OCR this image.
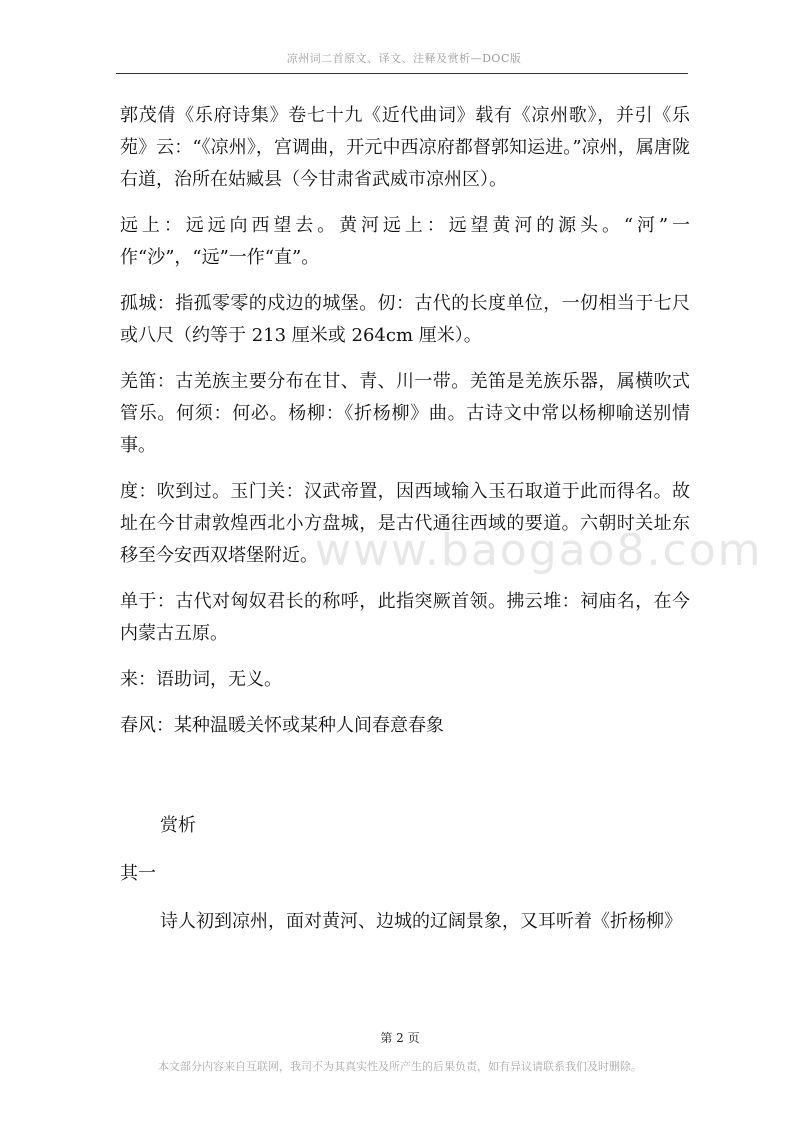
凉州词二首原文、译文、注释及赏析—DOC版

郭茂倩《乐府诗集》卷七十九《近代曲词》载有《凉州歌》，并引《乐苑》云：“《凉州》，宫调曲，开元中西凉府都督郭知运进。”凉州，属唐陇右道，治所在姑臧县（今甘肃省武威市凉州区）。

远上：远远向西望去。黄河远上：远望黄河的源头。“河”一作“沙”，“远”一作“直”。

孤城：指孤零零的戍边的城堡。仞：古代的长度单位，一仞相当于七尺或八尺（约等于 213 厘米或 264cm 厘米）。

羌笛：古羌族主要分布在甘、青、川一带。羌笛是羌族乐器，属横吹式管乐。何须：何必。杨柳：《折杨柳》曲。古诗文中常以杨柳喻送别情事。

度：吹到过。玉门关：汉武帝置，因西域输入玉石取道于此而得名。故址在今甘肃敦煌西北小方盘城，是古代通往西域的要道。六朝时关址东移至今安西双塔堡附近。

单于：古代对匈奴君长的称呼，此指突厥首领。拂云堆：祠庙名，在今内蒙古五原。

来：语助词，无义。

春风：某种温暖关怀或某种人间春意春象

赏析

其一

诗人初到凉州，面对黄河、边城的辽阔景象，又耳听着《折杨柳》

www.baogao8.com
第 2 页
本文部分内容来自互联网，我司不为其真实性及所产生的后果负责，如有异议请联系我们及时删除。
